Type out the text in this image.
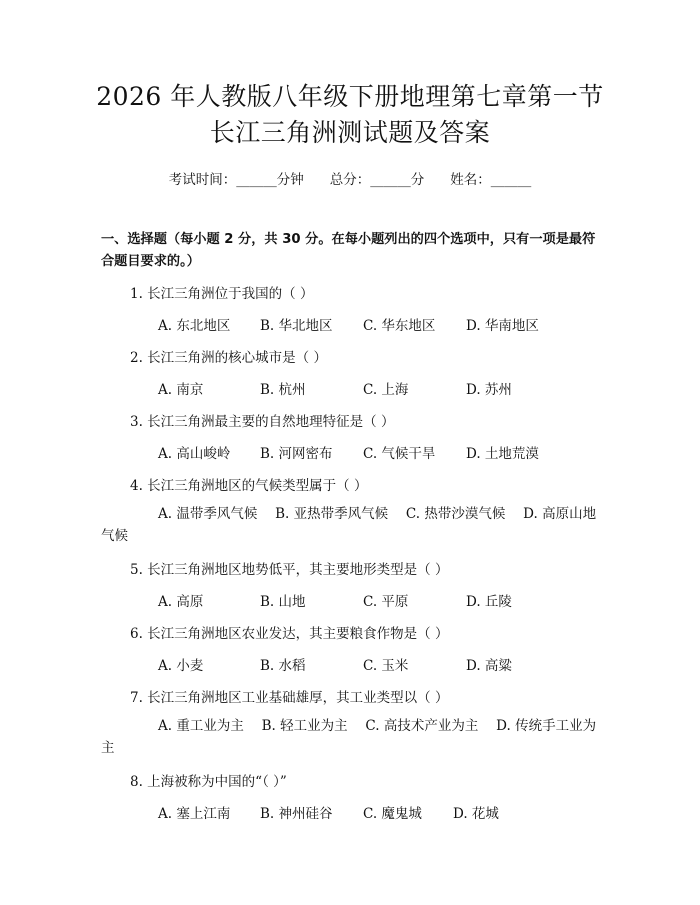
2026 年人教版八年级下册地理第七章第一节
长江三角洲测试题及答案
考试时间：______分钟 总分：______分 姓名：______
一、选择题（每小题 2 分，共 30 分。在每小题列出的四个选项中，只有一项是最符合题目要求的。）
1. 长江三角洲位于我国的（ ）
A. 东北地区 B. 华北地区 C. 华东地区 D. 华南地区
2. 长江三角洲的核心城市是（ ）
A. 南京	B. 杭州	C. 上海	D. 苏州
3. 长江三角洲最主要的自然地理特征是（ ）
A. 高山峻岭 B. 河网密布 C. 气候干旱 D. 土地荒漠
4. 长江三角洲地区的气候类型属于（ ）
A. 温带季风气候　 B. 亚热带季风气候　 C. 热带沙漠气候　 D. 高原山地气候
5. 长江三角洲地区地势低平，其主要地形类型是（ ）
A. 高原	B. 山地	C. 平原	D. 丘陵
6. 长江三角洲地区农业发达，其主要粮食作物是（ ）
A. 小麦	B. 水稻	C. 玉米	D. 高粱
7. 长江三角洲地区工业基础雄厚，其工业类型以（ ）
A. 重工业为主　 B. 轻工业为主　 C. 高技术产业为主　 D. 传统手工业为主
8. 上海被称为中国的“（ ）”
A. 塞上江南 B. 神州硅谷 C. 魔鬼城 D. 花城
